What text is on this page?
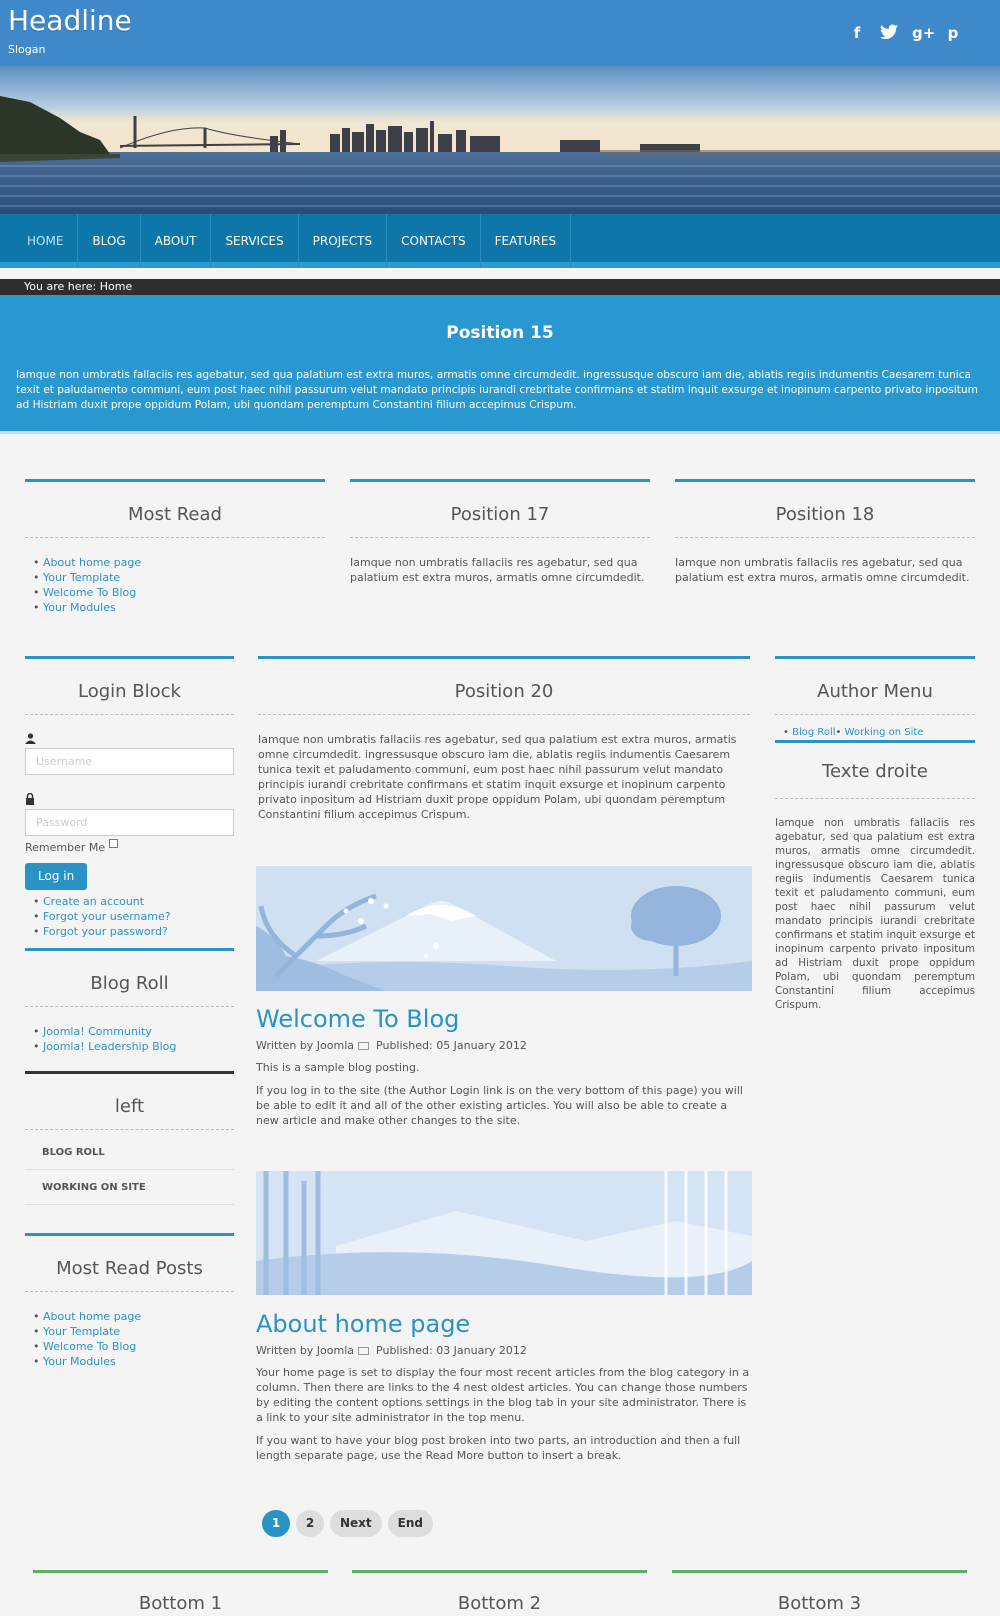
Headline
Slogan
f	g+ p
HOME	BLOG	ABOUT	SERVICES	PROJECTS	CONTACTS	FEATURES
You are here: Home
Position 15

Iamque non umbratis fallaciis res agebatur, sed qua palatium est extra muros, armatis omne circumdedit. ingressusque obscuro iam die, ablatis regiis indumentis Caesarem tunica texit et paludamento communi, eum post haec nihil passurum velut mandato principis iurandi crebritate confirmans et statim inquit exsurge et inopinum carpento privato inpositum ad Histriam duxit prope oppidum Polam, ubi quondam peremptum Constantini filium accepimus Crispum.

Most Read
• About home page
• Your Template
• Welcome To Blog
• Your Modules
Position 17
Iamque non umbratis fallaciis res agebatur, sed qua palatium est extra muros, armatis omne circumdedit.
Position 18
Iamque non umbratis fallaciis res agebatur, sed qua palatium est extra muros, armatis omne circumdedit.
Login Block
Username
Password
Remember Me
Log in
• Create an account
• Forgot your username?
• Forgot your password?
Blog Roll
• Joomla! Community
• Joomla! Leadership Blog
left
BLOG ROLL
WORKING ON SITE
Most Read Posts
• About home page
• Your Template
• Welcome To Blog
• Your Modules
Position 20
Iamque non umbratis fallaciis res agebatur, sed qua palatium est extra muros, armatis omne circumdedit. ingressusque obscuro iam die, ablatis regiis indumentis Caesarem tunica texit et paludamento communi, eum post haec nihil passurum velut mandato principis iurandi crebritate confirmans et statim inquit exsurge et inopinum carpento privato inpositum ad Histriam duxit prope oppidum Polam, ubi quondam peremptum Constantini filium accepimus Crispum.
Welcome To Blog
Written by Joomla Published: 05 January 2012

This is a sample blog posting.

If you log in to the site (the Author Login link is on the very bottom of this page) you will be able to edit it and all of the other existing articles. You will also be able to create a new article and make other changes to the site.

About home page
Written by Joomla Published: 03 January 2012

Your home page is set to display the four most recent articles from the blog category in a column. Then there are links to the 4 nest oldest articles. You can change those numbers by editing the content options settings in the blog tab in your site administrator. There is a link to your site administrator in the top menu.

If you want to have your blog post broken into two parts, an introduction and then a full length separate page, use the Read More button to insert a break.

1	2	Next	End
Author Menu
• Blog Roll• Working on Site
Texte droite
Iamque non umbratis fallaciis res agebatur, sed qua palatium est extra muros, armatis omne circumdedit. ingressusque obscuro iam die, ablatis regiis indumentis Caesarem tunica texit et paludamento communi, eum post haec nihil passurum velut mandato principis iurandi crebritate confirmans et statim inquit exsurge et inopinum carpento privato inpositum ad Histriam duxit prope oppidum Polam, ubi quondam peremptum Constantini filium accepimus Crispum.
Bottom 1	Bottom 2	Bottom 3
